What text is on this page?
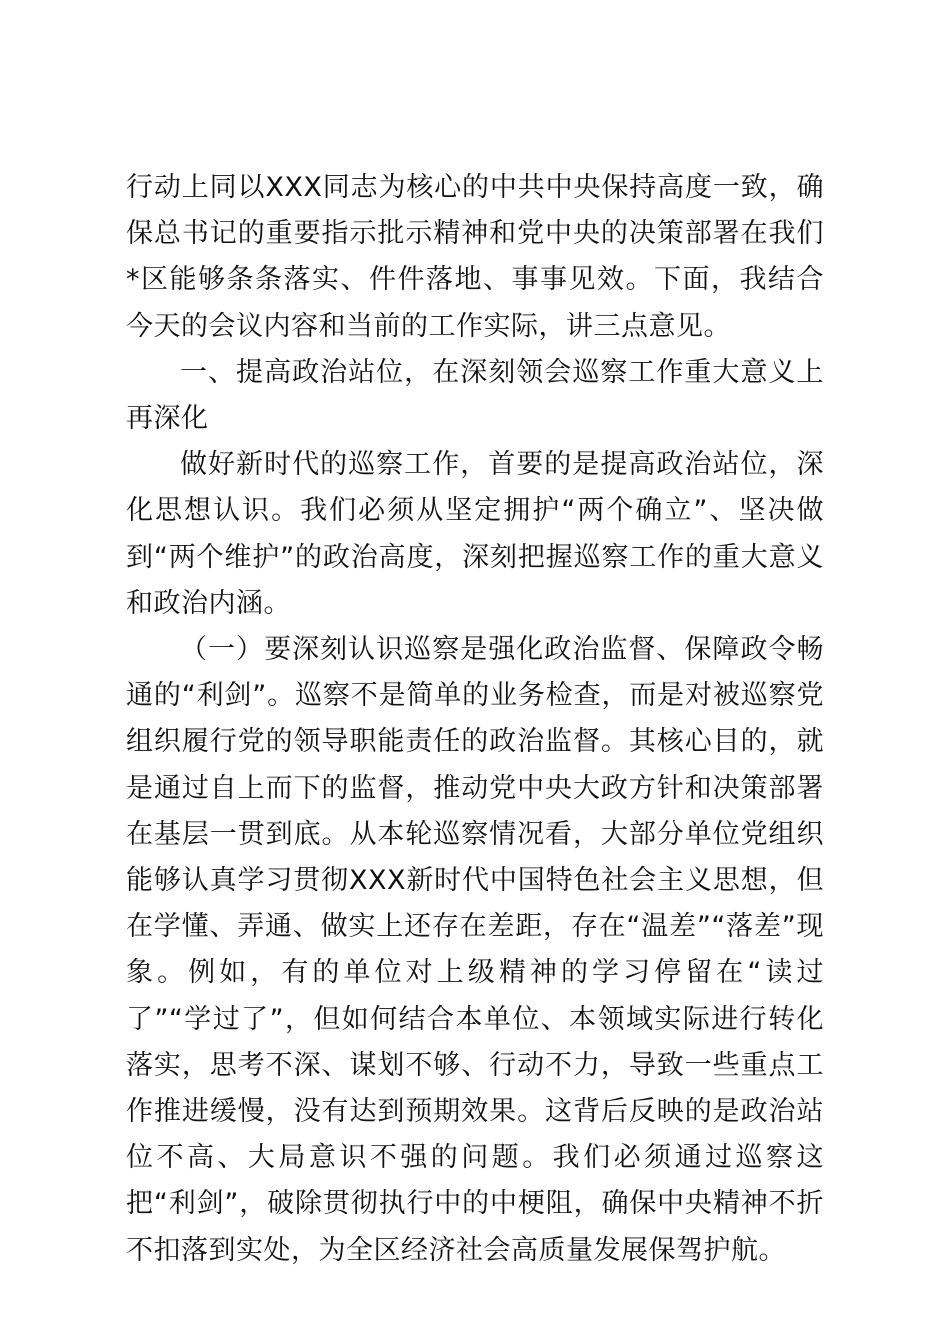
行动上同以XXX同志为核心的中共中央保持高度一致，确保总书记的重要指示批示精神和党中央的决策部署在我们*区能够条条落实、件件落地、事事见效。下面，我结合今天的会议内容和当前的工作实际，讲三点意见。

一、提高政治站位，在深刻领会巡察工作重大意义上再深化

做好新时代的巡察工作，首要的是提高政治站位，深化思想认识。我们必须从坚定拥护“两个确立”、坚决做到“两个维护”的政治高度，深刻把握巡察工作的重大意义和政治内涵。

（一）要深刻认识巡察是强化政治监督、保障政令畅通的“利剑”。巡察不是简单的业务检查，而是对被巡察党组织履行党的领导职能责任的政治监督。其核心目的，就是通过自上而下的监督，推动党中央大政方针和决策部署在基层一贯到底。从本轮巡察情况看，大部分单位党组织能够认真学习贯彻XXX新时代中国特色社会主义思想，但在学懂、弄通、做实上还存在差距，存在“温差”“落差”现象。例如，有的单位对上级精神的学习停留在“读过了”“学过了”，但如何结合本单位、本领域实际进行转化落实，思考不深、谋划不够、行动不力，导致一些重点工作推进缓慢，没有达到预期效果。这背后反映的是政治站位不高、大局意识不强的问题。我们必须通过巡察这把“利剑”，破除贯彻执行中的中梗阻，确保中央精神不折不扣落到实处，为全区经济社会高质量发展保驾护航。
